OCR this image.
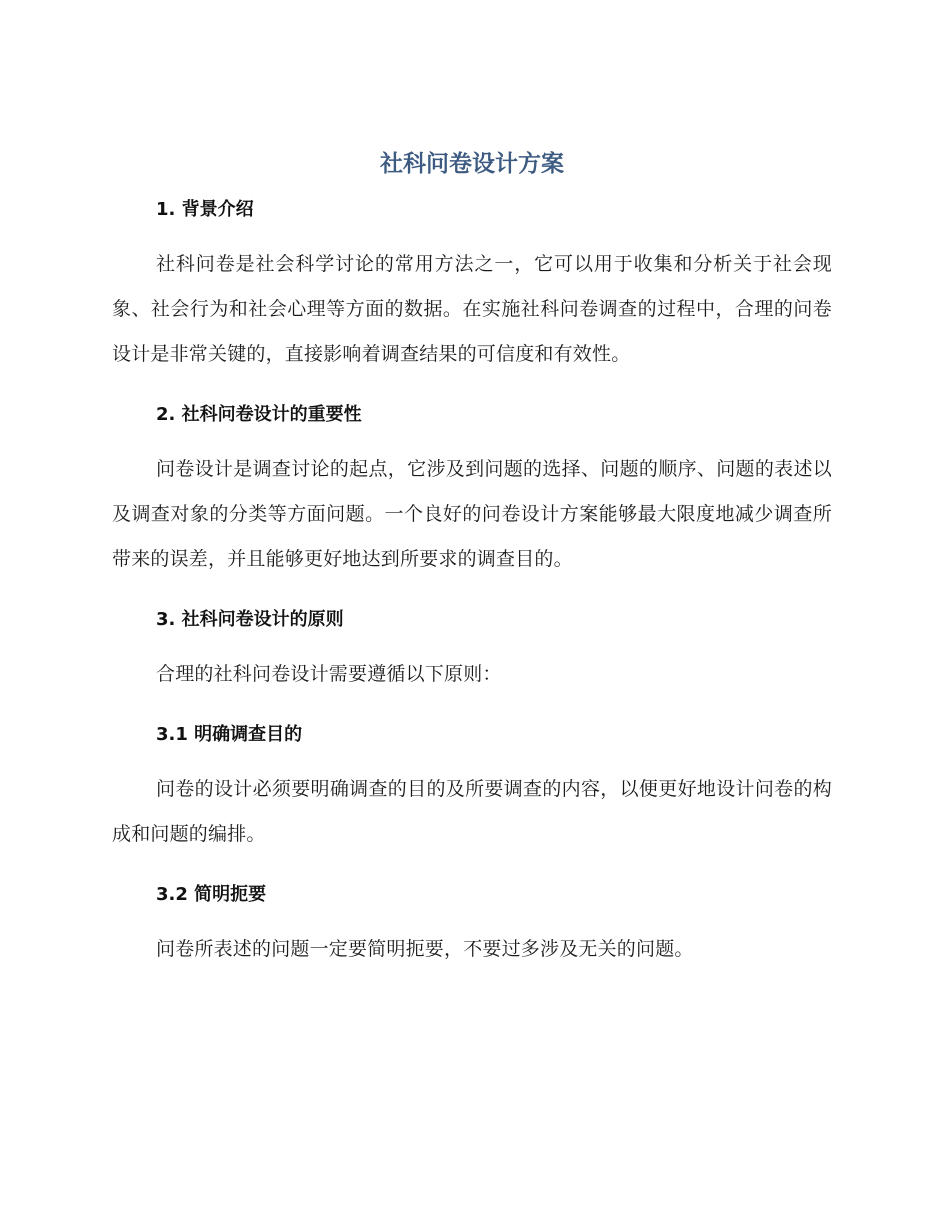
社科问卷设计方案
1. 背景介绍

社科问卷是社会科学讨论的常用方法之一，它可以用于收集和分析关于社会现象、社会行为和社会心理等方面的数据。在实施社科问卷调查的过程中，合理的问卷设计是非常关键的，直接影响着调查结果的可信度和有效性。

2. 社科问卷设计的重要性

问卷设计是调查讨论的起点，它涉及到问题的选择、问题的顺序、问题的表述以及调查对象的分类等方面问题。一个良好的问卷设计方案能够最大限度地减少调查所带来的误差，并且能够更好地达到所要求的调查目的。

3. 社科问卷设计的原则

合理的社科问卷设计需要遵循以下原则：

3.1 明确调查目的

问卷的设计必须要明确调查的目的及所要调查的内容，以便更好地设计问卷的构成和问题的编排。

3.2 简明扼要

问卷所表述的问题一定要简明扼要，不要过多涉及无关的问题。
